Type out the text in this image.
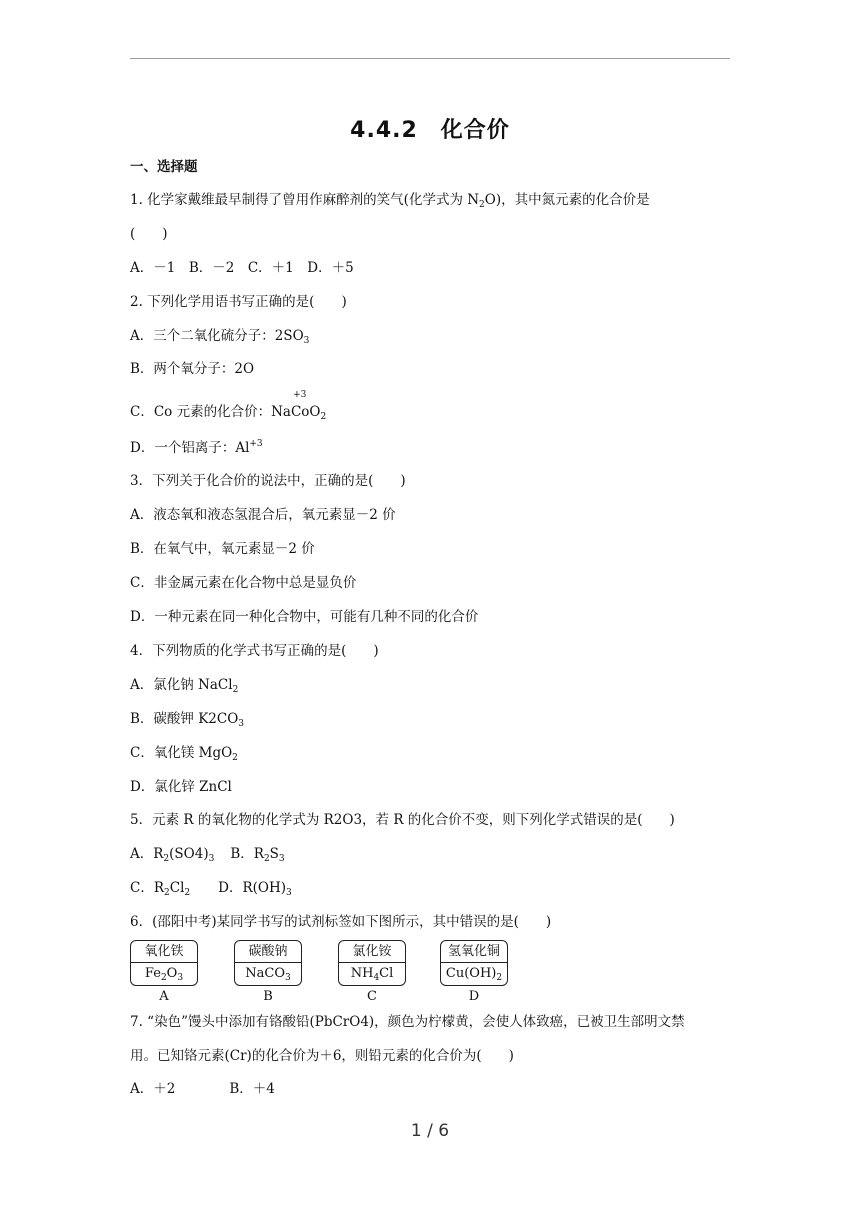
4.4.2　化合价
一、选择题
1. 化学家戴维最早制得了曾用作麻醉剂的笑气(化学式为 $N_2O$)，其中氮元素的化合价是
(　　)
A．－1　B．－2　C．＋1　D．＋5
2. 下列化学用语书写正确的是(　　)
A．三个二氧化硫分子：$2SO_3$
B．两个氧分子：2O
C．Co 元素的化合价：
+3
NaCoO$_2$
D．一个铝离子：$Al^{+3}$
3．下列关于化合价的说法中，正确的是(　　)
A．液态氧和液态氢混合后，氧元素显－2 价
B．在氧气中，氧元素显－2 价
C．非金属元素在化合物中总是显负价
D．一种元素在同一种化合物中，可能有几种不同的化合价
4．下列物质的化学式书写正确的是(　　)
A．氯化钠 NaCl$_2$
B．碳酸钾 $K2CO_3$
C．氧化镁 MgO$_2$
D．氯化锌 ZnCl
5．元素 R 的氧化物的化学式为 R2O3，若 R 的化合价不变，则下列化学式错误的是(　　)
A．$R_2(SO4)_3$ B．$R_2S_3$
C．$R_2Cl_2$ D．$R(OH)_3$
6．(邵阳中考)某同学书写的试剂标签如下图所示，其中错误的是(　　)
氧化铁
$Fe_2O_3$
A
碳酸钠
NaCO$_3$
B
氯化铵
$NH_4Cl$
C
氢氧化铜
$Cu(OH)_2$
D
7. “染色”馒头中添加有铬酸铅(PbCrO4)，颜色为柠檬黄，会使人体致癌，已被卫生部明文禁
用。已知铬元素(Cr)的化合价为＋6，则铅元素的化合价为(　　)
A．＋2　　　　B．＋4
1 / 6
